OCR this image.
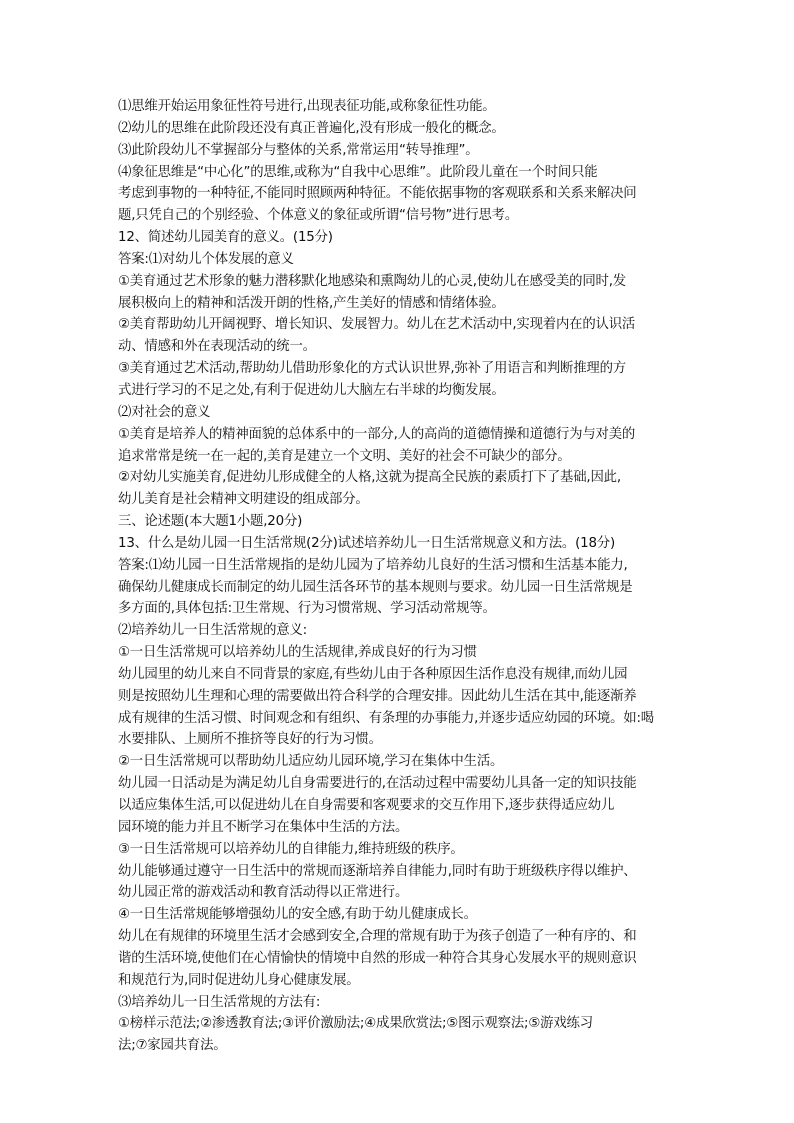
⑴思维开始运用象征性符号进行,出现表征功能,或称象征性功能。
⑵幼儿的思维在此阶段还没有真正普遍化,没有形成一般化的概念。
⑶此阶段幼儿不掌握部分与整体的关系,常常运用“转导推理”。
⑷象征思维是“中心化”的思维,或称为“自我中心思维”。此阶段儿童在一个时间只能
考虑到事物的一种特征,不能同时照顾两种特征。不能依据事物的客观联系和关系来解决问
题,只凭自己的个别经验、个体意义的象征或所谓“信号物”进行思考。
12、简述幼儿园美育的意义。(15分)
答案:⑴对幼儿个体发展的意义
①美育通过艺术形象的魅力潜移默化地感染和熏陶幼儿的心灵,使幼儿在感受美的同时,发
展积极向上的精神和活泼开朗的性格,产生美好的情感和情绪体验。
②美育帮助幼儿开阔视野、增长知识、发展智力。幼儿在艺术活动中,实现着内在的认识活
动、情感和外在表现活动的统一。
③美育通过艺术活动,帮助幼儿借助形象化的方式认识世界,弥补了用语言和判断推理的方
式进行学习的不足之处,有利于促进幼儿大脑左右半球的均衡发展。
⑵对社会的意义
①美育是培养人的精神面貌的总体系中的一部分,人的高尚的道德情操和道德行为与对美的
追求常常是统一在一起的,美育是建立一个文明、美好的社会不可缺少的部分。
②对幼儿实施美育,促进幼儿形成健全的人格,这就为提高全民族的素质打下了基础,因此,
幼儿美育是社会精神文明建设的组成部分。
三、论述题(本大题1小题,20分)
13、什么是幼儿园一日生活常规(2分)试述培养幼儿一日生活常规意义和方法。(18分)
答案:⑴幼儿园一日生活常规指的是幼儿园为了培养幼儿良好的生活习惯和生活基本能力,
确保幼儿健康成长而制定的幼儿园生活各环节的基本规则与要求。幼儿园一日生活常规是
多方面的,具体包括:卫生常规、行为习惯常规、学习活动常规等。
⑵培养幼儿一日生活常规的意义:
①一日生活常规可以培养幼儿的生活规律,养成良好的行为习惯
幼儿园里的幼儿来自不同背景的家庭,有些幼儿由于各种原因生活作息没有规律,而幼儿园
则是按照幼儿生理和心理的需要做出符合科学的合理安排。因此幼儿生活在其中,能逐渐养
成有规律的生活习惯、时间观念和有组织、有条理的办事能力,并逐步适应幼园的环境。如:喝
水要排队、上厕所不推挤等良好的行为习惯。
②一日生活常规可以帮助幼儿适应幼儿园环境,学习在集体中生活。
幼儿园一日活动是为满足幼儿自身需要进行的,在活动过程中需要幼儿具备一定的知识技能
以适应集体生活,可以促进幼儿在自身需要和客观要求的交互作用下,逐步获得适应幼儿
园环境的能力并且不断学习在集体中生活的方法。
③一日生活常规可以培养幼儿的自律能力,维持班级的秩序。
幼儿能够通过遵守一日生活中的常规而逐渐培养自律能力,同时有助于班级秩序得以维护、
幼儿园正常的游戏活动和教育活动得以正常进行。
④一日生活常规能够增强幼儿的安全感,有助于幼儿健康成长。
幼儿在有规律的环境里生活才会感到安全,合理的常规有助于为孩子创造了一种有序的、和
谐的生活环境,使他们在心情愉快的情境中自然的形成一种符合其身心发展水平的规则意识
和规范行为,同时促进幼儿身心健康发展。
⑶培养幼儿一日生活常规的方法有:
①榜样示范法;②渗透教育法;③评价激励法;④成果欣赏法;⑤图示观察法;⑤游戏练习
法;⑦家园共育法。
